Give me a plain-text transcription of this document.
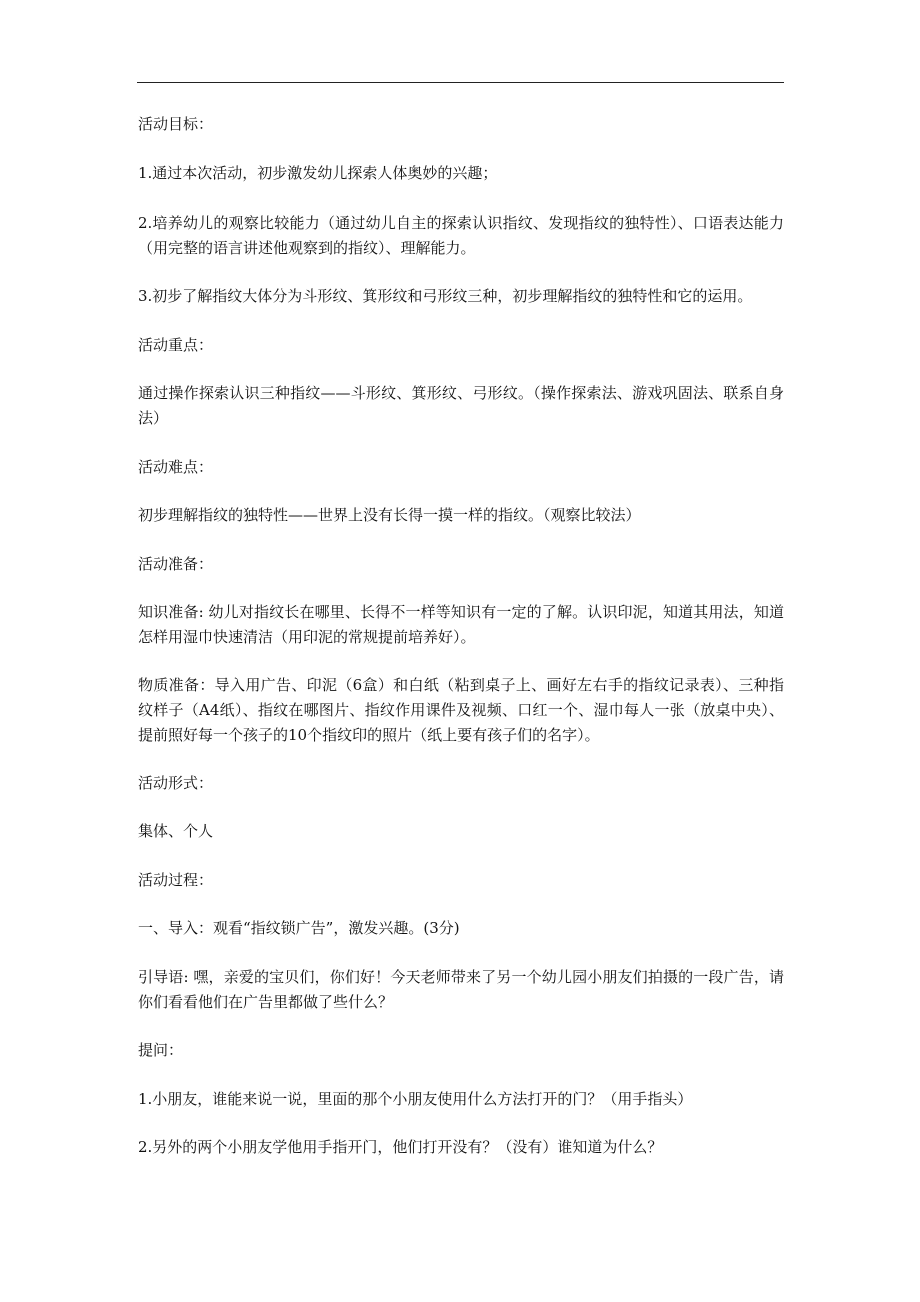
活动目标：

1.通过本次活动，初步激发幼儿探索人体奥妙的兴趣；

2.培养幼儿的观察比较能力（通过幼儿自主的探索认识指纹、发现指纹的独特性）、口语表达能力（用完整的语言讲述他观察到的指纹）、理解能力。

3.初步了解指纹大体分为斗形纹、箕形纹和弓形纹三种，初步理解指纹的独特性和它的运用。

活动重点：

通过操作探索认识三种指纹——斗形纹、箕形纹、弓形纹。（操作探索法、游戏巩固法、联系自身法）

活动难点：

初步理解指纹的独特性——世界上没有长得一摸一样的指纹。（观察比较法）

活动准备：

知识准备: 幼儿对指纹长在哪里、长得不一样等知识有一定的了解。认识印泥，知道其用法，知道怎样用湿巾快速清洁（用印泥的常规提前培养好）。

物质准备：导入用广告、印泥（6盒）和白纸（粘到桌子上、画好左右手的指纹记录表）、三种指纹样子（A4纸）、指纹在哪图片、指纹作用课件及视频、口红一个、湿巾每人一张（放桌中央）、提前照好每一个孩子的10个指纹印的照片（纸上要有孩子们的名字）。

活动形式：

集体、个人

活动过程：

一、导入：观看“指纹锁广告”，激发兴趣。(3分)

引导语: 嘿，亲爱的宝贝们，你们好！今天老师带来了另一个幼儿园小朋友们拍摄的一段广告，请你们看看他们在广告里都做了些什么？

提问：

1.小朋友，谁能来说一说，里面的那个小朋友使用什么方法打开的门？（用手指头）

2.另外的两个小朋友学他用手指开门，他们打开没有？（没有）谁知道为什么？
